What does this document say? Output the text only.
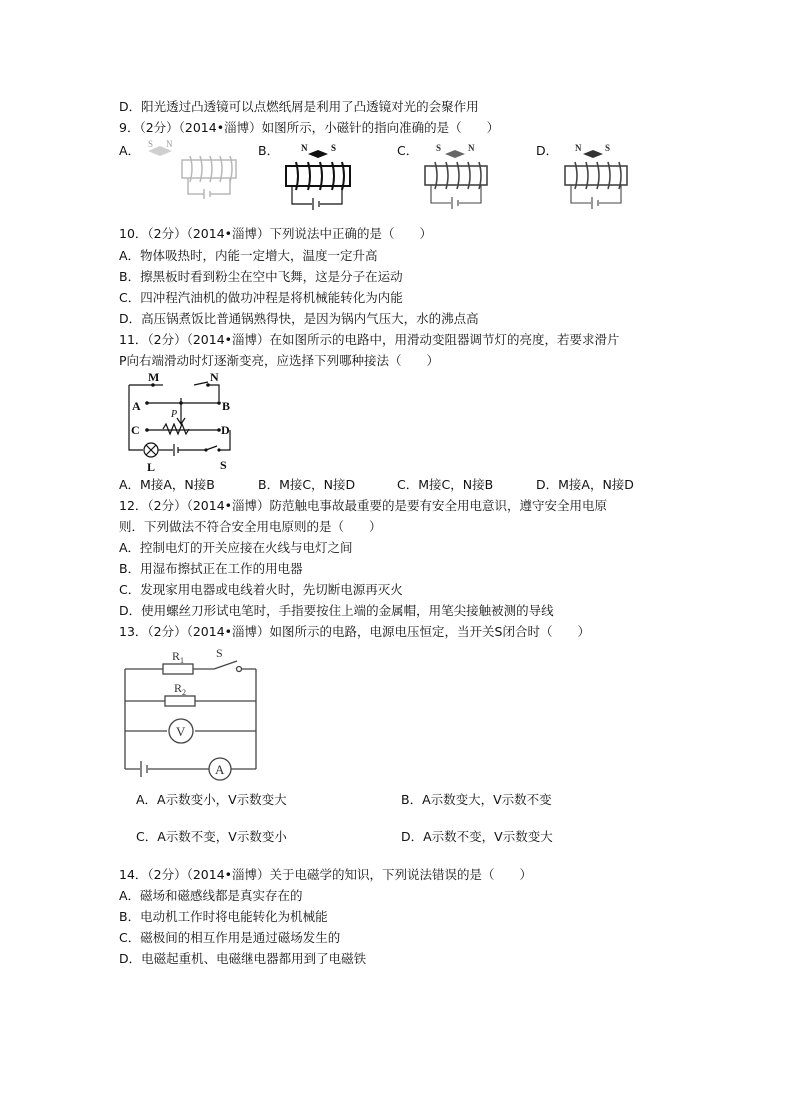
D．阳光透过凸透镜可以点燃纸屑是利用了凸透镜对光的会聚作用
9．（2分）（2014•淄博）如图所示，小磁针的指向准确的是（　　）
A．	B．	C．	D．
S N	N	S	S	N	N	S
10．（2分）（2014•淄博）下列说法中正确的是（　　）
A．物体吸热时，内能一定增大，温度一定升高
B．擦黑板时看到粉尘在空中飞舞，这是分子在运动
C．四冲程汽油机的做功冲程是将机械能转化为内能
D．高压锅煮饭比普通锅熟得快，是因为锅内气压大，水的沸点高
11．（2分）（2014•淄博）在如图所示的电路中，用滑动变阻器调节灯的亮度，若要求滑片
P向右端滑动时灯逐渐变亮，应选择下列哪种接法（　　）
M	N
A	B
C	D
L	S
P
A．M接A，N接B	B．M接C，N接D	C．M接C，N接B	D．M接A，N接D
12．（2分）（2014•淄博）防范触电事故最重要的是要有安全用电意识，遵守安全用电原
则．下列做法不符合安全用电原则的是（　　）
A．控制电灯的开关应接在火线与电灯之间
B．用湿布擦拭正在工作的用电器
C．发现家用电器或电线着火时，先切断电源再灭火
D．使用螺丝刀形试电笔时，手指要按住上端的金属帽，用笔尖接触被测的导线
13．（2分）（2014•淄博）如图所示的电路，电源电压恒定，当开关S闭合时（　　）
$R_1$
$R_2$
S
V
A
A．A示数变小，V示数变大	B．A示数变大，V示数不变
C．A示数不变，V示数变小	D．A示数不变，V示数变大
14．（2分）（2014•淄博）关于电磁学的知识，下列说法错误的是（　　）
A．磁场和磁感线都是真实存在的
B．电动机工作时将电能转化为机械能
C．磁极间的相互作用是通过磁场发生的
D．电磁起重机、电磁继电器都用到了电磁铁
